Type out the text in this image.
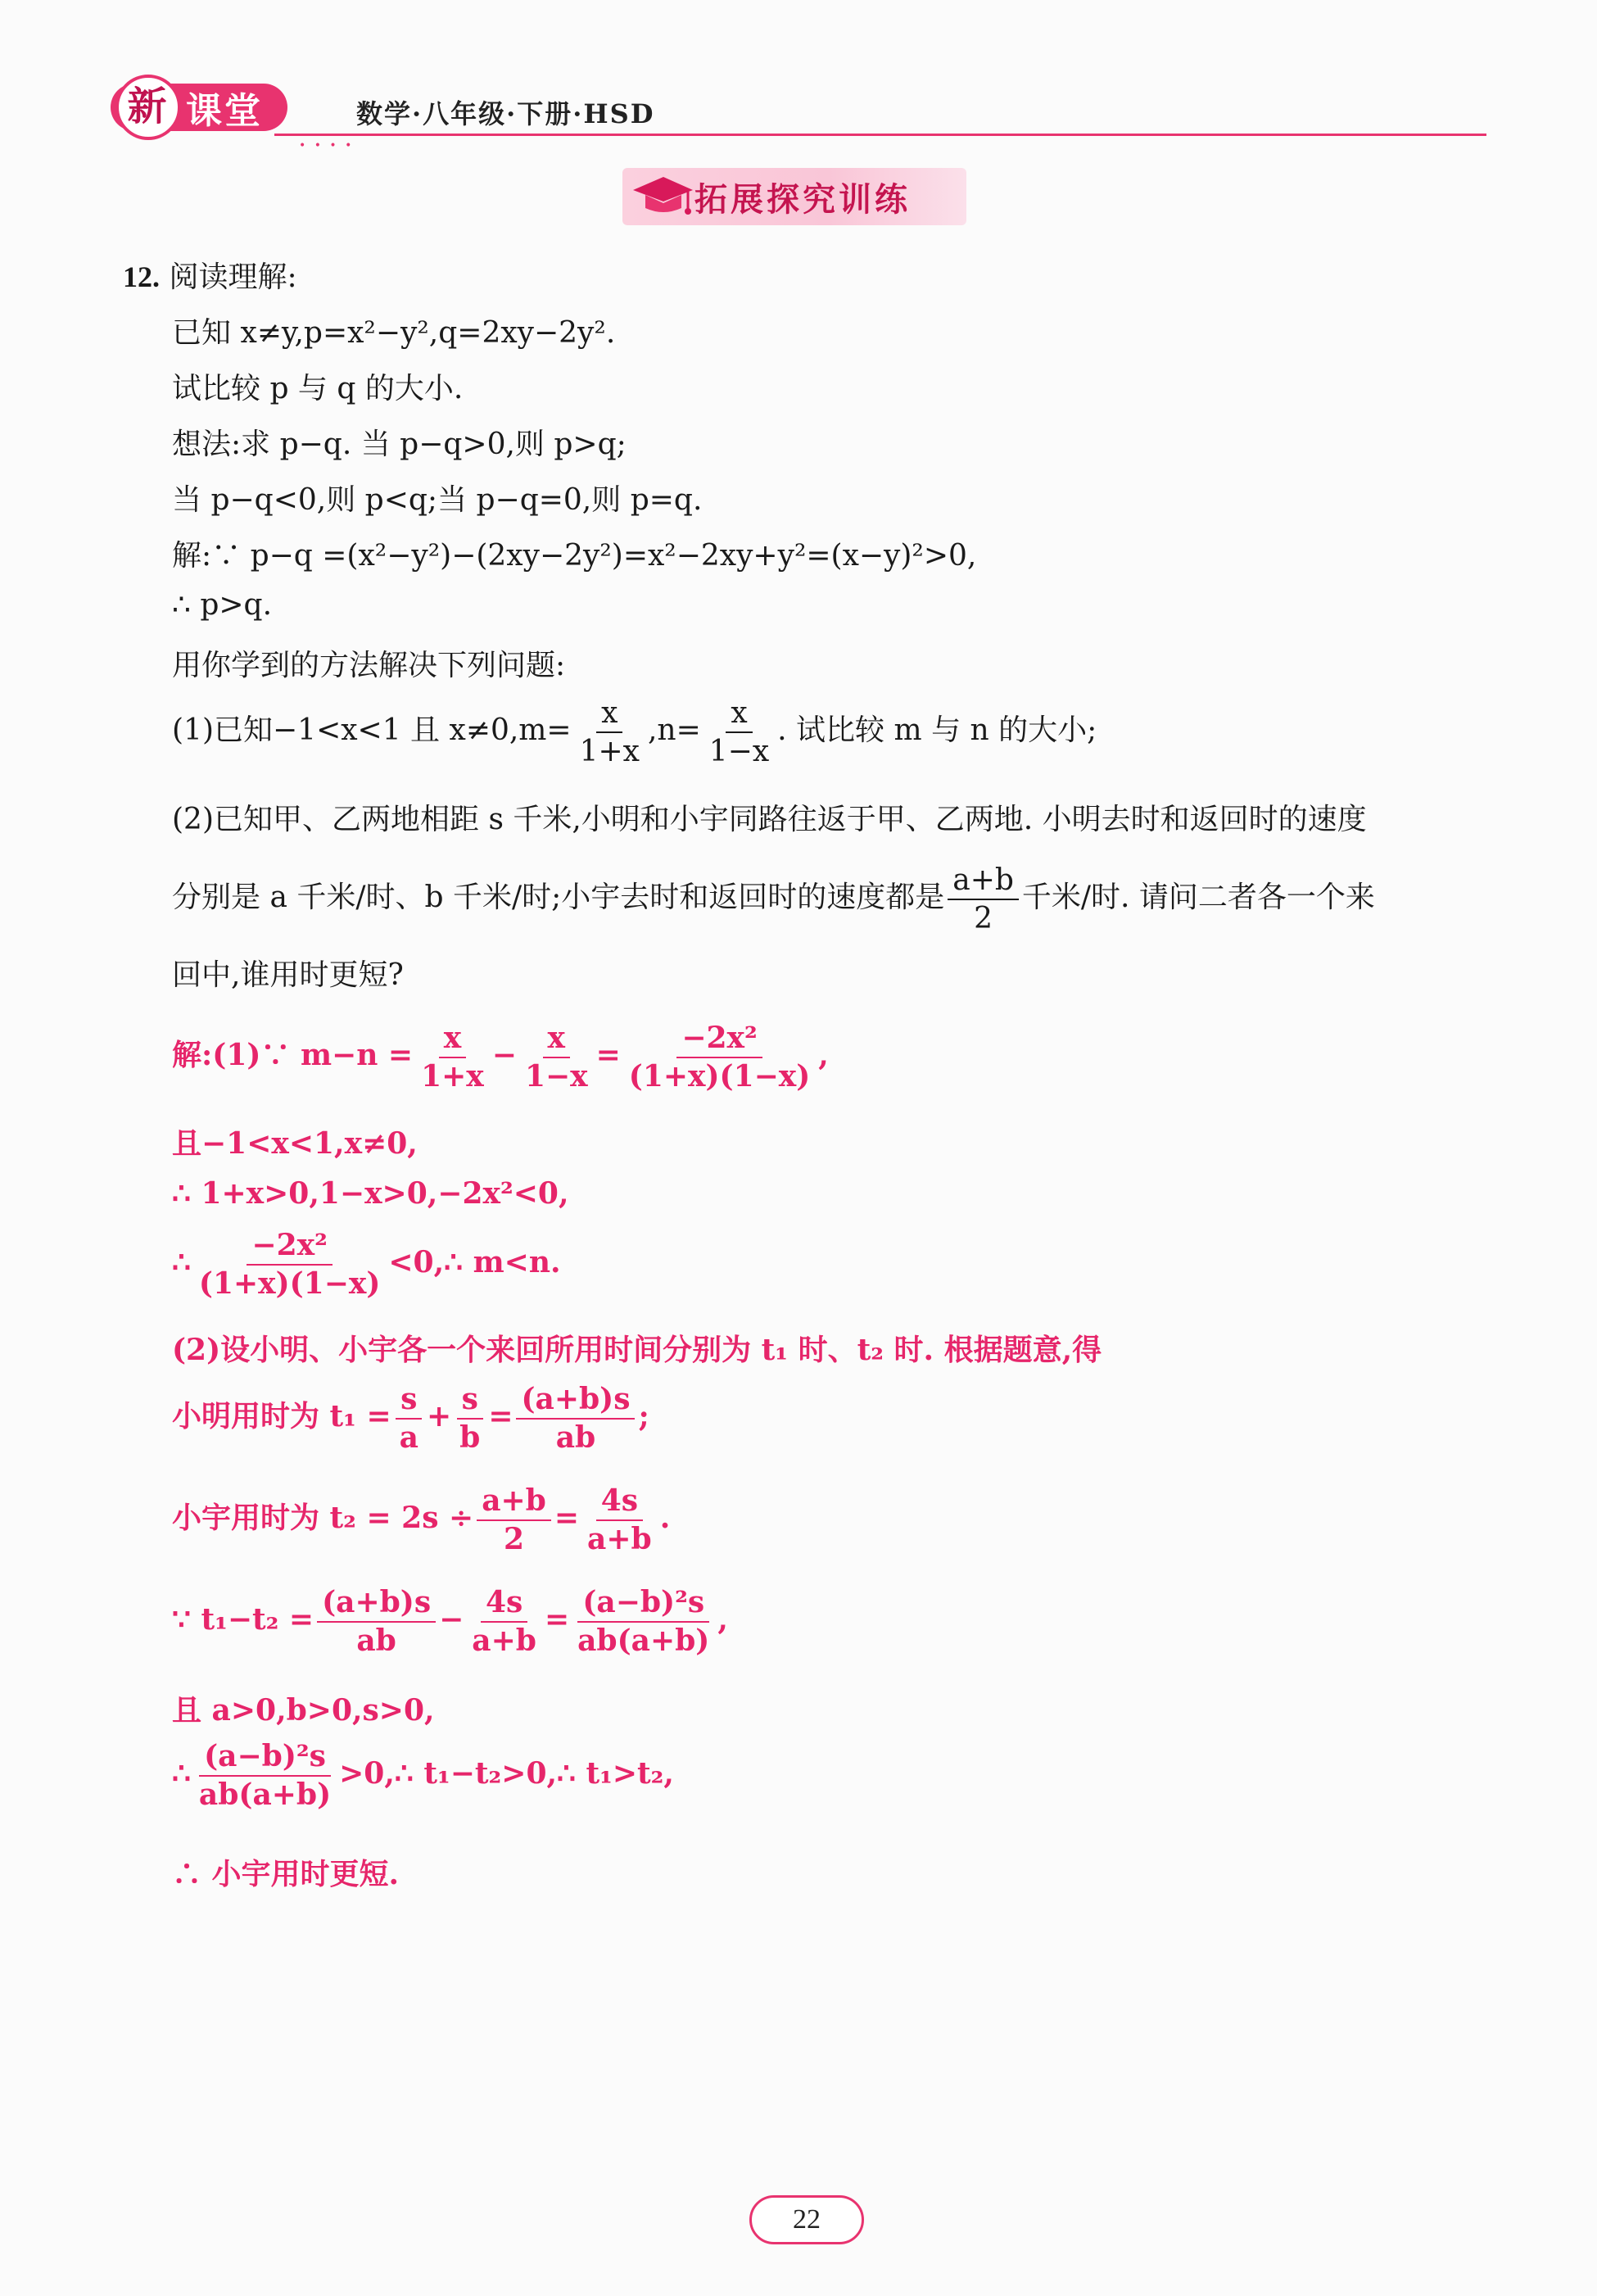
新 课堂	数学·八年级·下册·HSD
• • • •
拓展探究训练
12. 阅读理解:
已知 x≠y,p=x²−y²,q=2xy−2y².
试比较 p 与 q 的大小.
想法:求 p−q. 当 p−q>0,则 p>q;
当 p−q<0,则 p<q;当 p−q=0,则 p=q.
解:∵ p−q =(x²−y²)−(2xy−2y²)=x²−2xy+y²=(x−y)²>0,
∴ p>q.
用你学到的方法解决下列问题:
(1)已知−1<x<1 且 $x\ne 0,m= \frac{x}{1+x} ,n= \frac{x}{1-x}$ . 试比较 m 与 n 的大小;
(2)已知甲、乙两地相距 s 千米,小明和小宇同路往返于甲、乙两地. 小明去时和返回时的速度
分别是 a 千米/时、b 千米/时;小宇去时和返回时的速度都是 $\frac{a+b}{2}$ 千米/时. 请问二者各一个来
回中,谁用时更短?
解:(1)∵ $m-n = \frac{x}{1+x} - \frac{x}{1-x} = \frac{\text{−2x²}}{(1+x)(1-x)}$ ,
且−1<x<1,x≠0,
∴ 1+x>0,1−x>0,−2x²<0,
∴ $\frac{\text{−2x²}}{(1+x)(1-x)}$ <0,∴ m<n.
(2)设小明、小宇各一个来回所用时间分别为 t₁ 时、t₂ 时. 根据题意,得
小明用时为 $t_1 = \frac{s}{a} + \frac{s}{b} = \frac{(a+b)s}{ab}$ ;
小宇用时为 $t_2 = 2s \div \frac{a+b}{2} = \frac{4s}{a+b}$ .
∵ $t_1-t_2 = \frac{(a+b)s}{ab} - \frac{4s}{a+b} = \frac{\text{(a−b)²s}}{ab(a+b)}$ ,
且 a>0,b>0,s>0,
∴ $\frac{\text{(a−b)²s}}{ab(a+b)}$ >0,∴ t₁−t₂>0,∴ t₁>t₂,
∴ 小宇用时更短.
22
